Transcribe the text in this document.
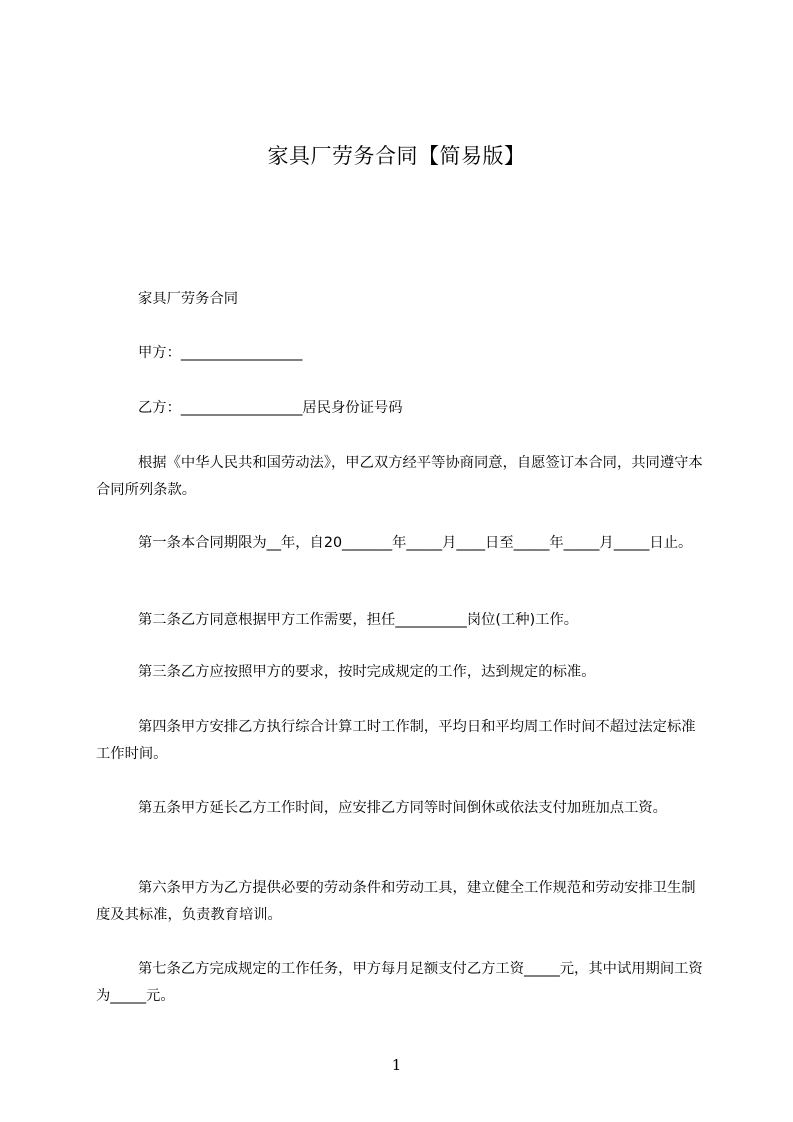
家具厂劳务合同【简易版】

家具厂劳务合同

甲方：_________________

乙方：_________________居民身份证号码

根据《中华人民共和国劳动法》，甲乙双方经平等协商同意，自愿签订本合同，共同遵守本合同所列条款。

第一条本合同期限为__年，自20_______年_____月____日至_____年_____月_____日止。

第二条乙方同意根据甲方工作需要，担任__________岗位(工种)工作。

第三条乙方应按照甲方的要求，按时完成规定的工作，达到规定的标准。

第四条甲方安排乙方执行综合计算工时工作制，平均日和平均周工作时间不超过法定标准工作时间。

第五条甲方延长乙方工作时间，应安排乙方同等时间倒休或依法支付加班加点工资。

第六条甲方为乙方提供必要的劳动条件和劳动工具，建立健全工作规范和劳动安排卫生制度及其标准，负责教育培训。

第七条乙方完成规定的工作任务，甲方每月足额支付乙方工资_____元，其中试用期间工资为_____元。

1
